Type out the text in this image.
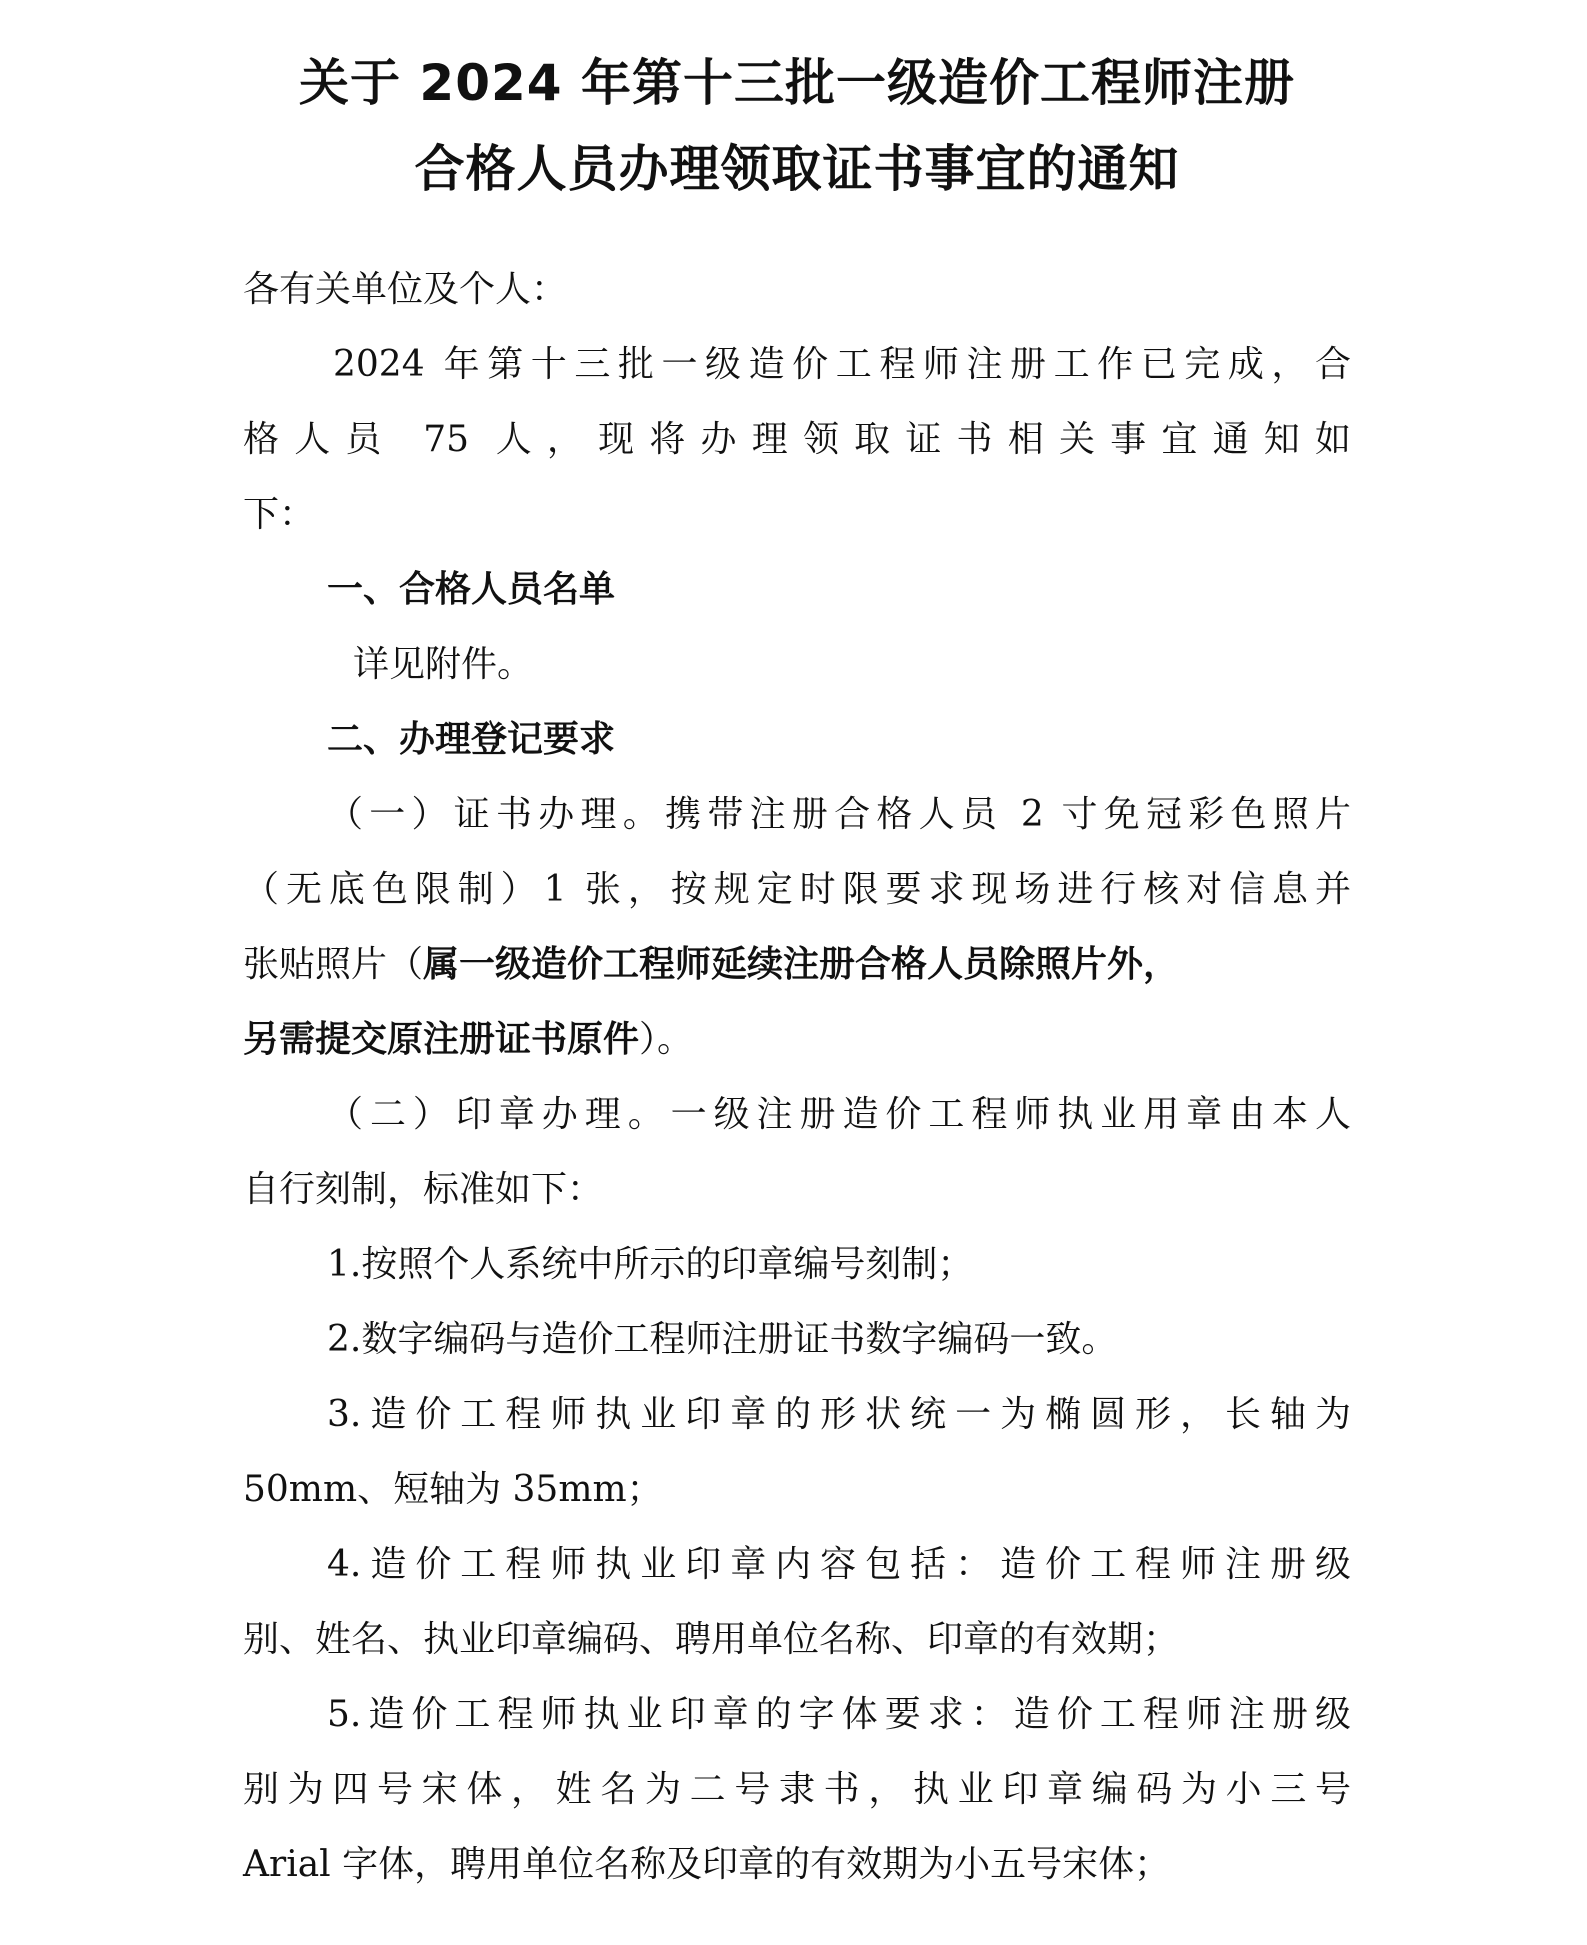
关于 2024 年第十三批一级造价工程师注册

合格人员办理领取证书事宜的通知

各有关单位及个人：

2024 年第十三批一级造价工程师注册工作已完成，合

格人员 75 人，现将办理领取证书相关事宜通知如

下：

一、合格人员名单

详见附件。

二、办理登记要求

（一）证书办理。携带注册合格人员 2 寸免冠彩色照片

（无底色限制）1 张，按规定时限要求现场进行核对信息并

张贴照片（属一级造价工程师延续注册合格人员除照片外，

另需提交原注册证书原件）。

（二）印章办理。一级注册造价工程师执业用章由本人

自行刻制，标准如下：

1.按照个人系统中所示的印章编号刻制；

2.数字编码与造价工程师注册证书数字编码一致。

3.造价工程师执业印章的形状统一为椭圆形，长轴为

50mm、短轴为 35mm；

4.造价工程师执业印章内容包括：造价工程师注册级

别、姓名、执业印章编码、聘用单位名称、印章的有效期；

5.造价工程师执业印章的字体要求：造价工程师注册级

别为四号宋体，姓名为二号隶书，执业印章编码为小三号

Arial 字体，聘用单位名称及印章的有效期为小五号宋体；
